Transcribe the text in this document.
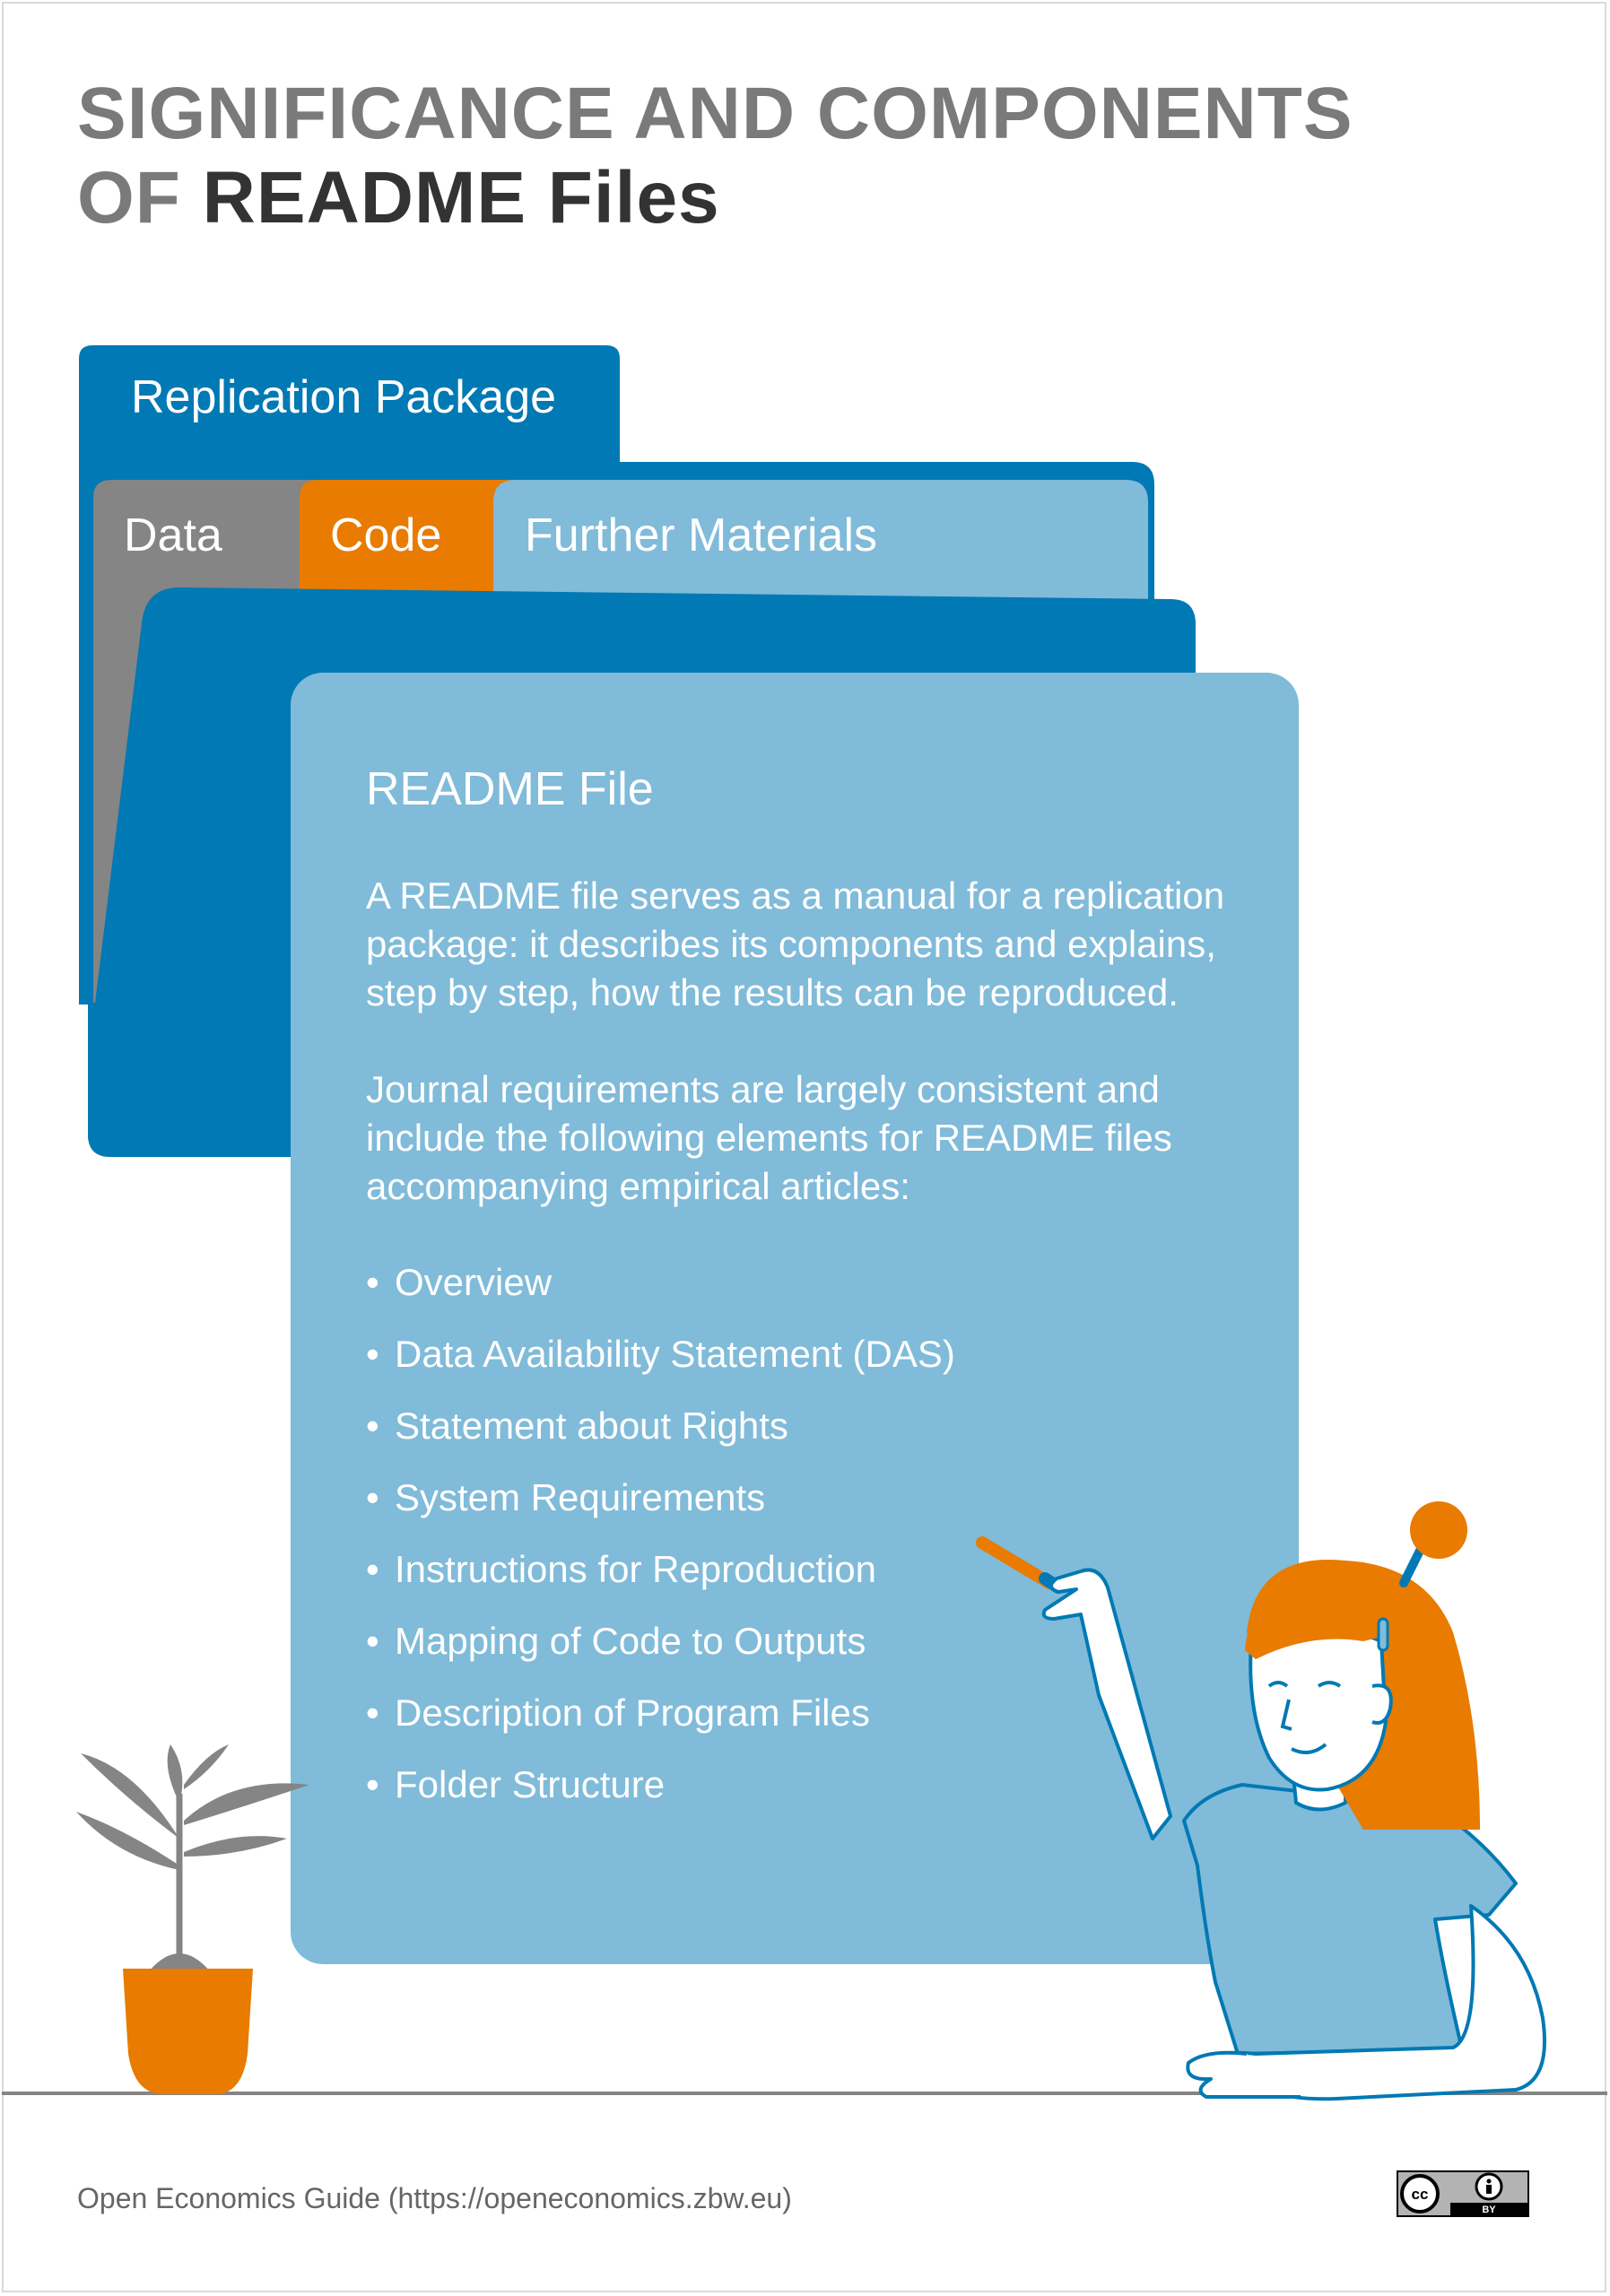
SIGNIFICANCE AND COMPONENTS
OF README Files
Replication Package
Data Code Further Materials
README File

A README file serves as a manual for a replication package: it describes its components and explains, step by step, how the results can be reproduced.

Journal requirements are largely consistent and include the following elements for README files accompanying empirical articles:

• Overview
• Data Availability Statement (DAS)
• Statement about Rights
• System Requirements
• Instructions for Reproduction
• Mapping of Code to Outputs
• Description of Program Files
• Folder Structure
Open Economics Guide (https://openeconomics.zbw.eu)	cc
BY
